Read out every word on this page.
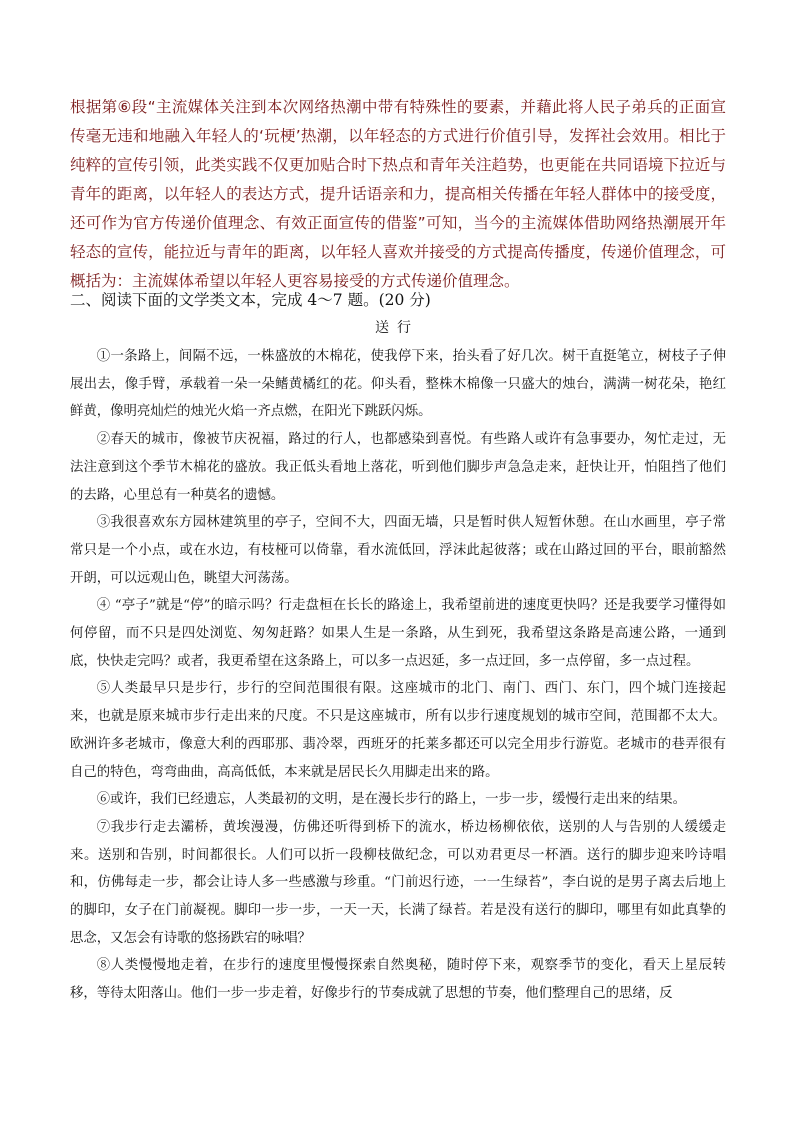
根据第⑥段“主流媒体关注到本次网络热潮中带有特殊性的要素，并藉此将人民子弟兵的正面宣传毫无违和地融入年轻人的‘玩梗’热潮，以年轻态的方式进行价值引导，发挥社会效用。相比于纯粹的宣传引领，此类实践不仅更加贴合时下热点和青年关注趋势，也更能在共同语境下拉近与青年的距离，以年轻人的表达方式，提升话语亲和力，提高相关传播在年轻人群体中的接受度，还可作为官方传递价值理念、有效正面宣传的借鉴”可知，当今的主流媒体借助网络热潮展开年轻态的宣传，能拉近与青年的距离，以年轻人喜欢并接受的方式提高传播度，传递价值理念，可概括为：主流媒体希望以年轻人更容易接受的方式传递价值理念。
二、阅读下面的文学类文本，完成 4～7 题。(20 分)
送行

①一条路上，间隔不远，一株盛放的木棉花，使我停下来，抬头看了好几次。树干直挺笔立，树枝子子伸展出去，像手臂，承载着一朵一朵鳍黄橘红的花。仰头看，整株木棉像一只盛大的烛台，满满一树花朵，艳红鲜黄，像明亮灿烂的烛光火焰一齐点燃，在阳光下跳跃闪烁。

②春天的城市，像被节庆祝福，路过的行人，也都感染到喜悦。有些路人或许有急事要办，匆忙走过，无法注意到这个季节木棉花的盛放。我正低头看地上落花，听到他们脚步声急急走来，赶快让开，怕阻挡了他们的去路，心里总有一种莫名的遗憾。

③我很喜欢东方园林建筑里的亭子，空间不大，四面无墙，只是暂时供人短暂休憩。在山水画里，亭子常常只是一个小点，或在水边，有枝桠可以倚靠，看水流低回，浮沫此起彼落；或在山路过回的平台，眼前豁然开朗，可以远观山色，眺望大河荡荡。

④ “亭子”就是“停”的暗示吗？行走盘桓在长长的路途上，我希望前进的速度更快吗？还是我要学习懂得如何停留，而不只是四处浏览、匆匆赶路？如果人生是一条路，从生到死，我希望这条路是高速公路，一通到底，快快走完吗？或者，我更希望在这条路上，可以多一点迟延，多一点迂回，多一点停留，多一点过程。

⑤人类最早只是步行，步行的空间范围很有限。这座城市的北门、南门、西门、东门，四个城门连接起来，也就是原来城市步行走出来的尺度。不只是这座城市，所有以步行速度规划的城市空间，范围都不太大。欧洲许多老城市，像意大利的西耶那、翡冷翠，西班牙的托莱多都还可以完全用步行游览。老城市的巷弄很有自己的特色，弯弯曲曲，高高低低，本来就是居民长久用脚走出来的路。

⑥或许，我们已经遗忘，人类最初的文明，是在漫长步行的路上，一步一步，缓慢行走出来的结果。

⑦我步行走去灞桥，黄埃漫漫，仿佛还听得到桥下的流水，桥边杨柳依依，送别的人与告别的人缓缓走来。送别和告别，时间都很长。人们可以折一段柳枝做纪念，可以劝君更尽一杯酒。送行的脚步迎来吟诗唱和，仿佛每走一步，都会让诗人多一些感激与珍重。“门前迟行迹，一一生绿苔”，李白说的是男子离去后地上的脚印，女子在门前凝视。脚印一步一步，一天一天，长满了绿苔。若是没有送行的脚印，哪里有如此真挚的思念，又怎会有诗歌的悠扬跌宕的咏唱？

⑧人类慢慢地走着，在步行的速度里慢慢探索自然奥秘，随时停下来，观察季节的变化，看天上星辰转移，等待太阳落山。他们一步一步走着，好像步行的节奏成就了思想的节奏，他们整理自己的思绪，反
